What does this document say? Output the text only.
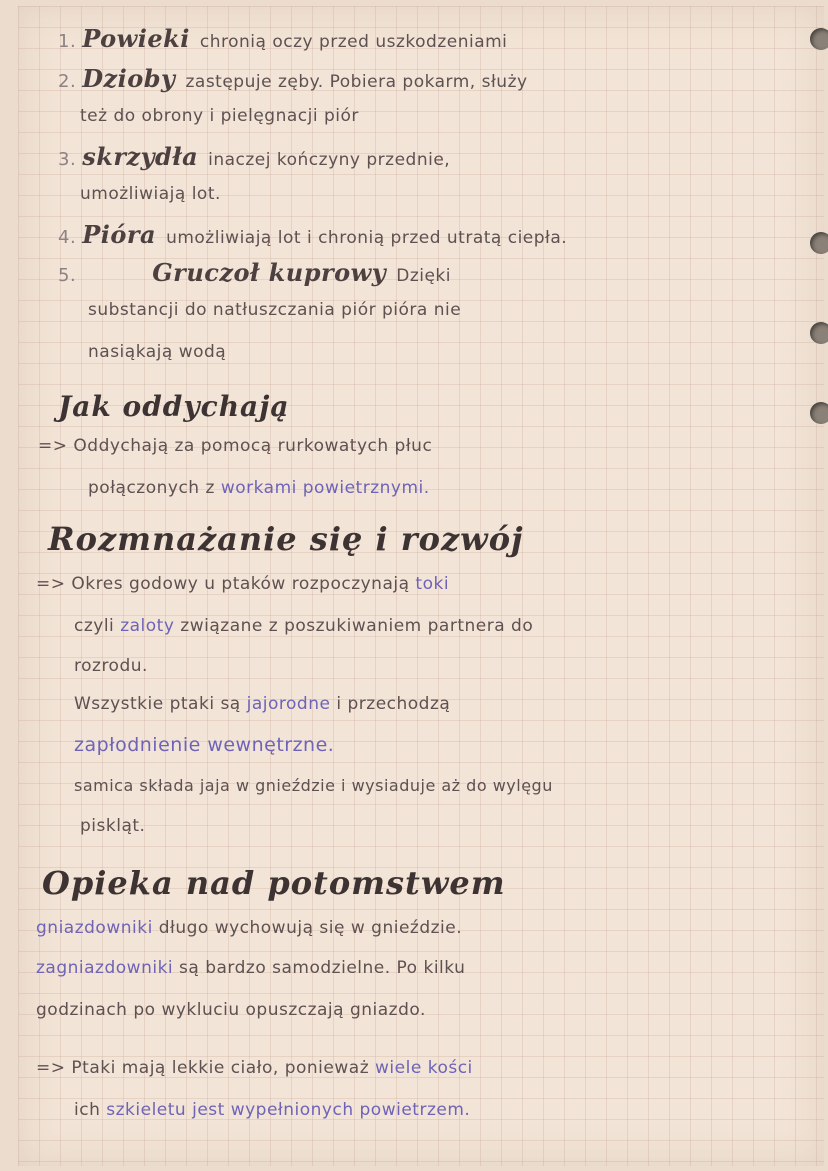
1. Powieki chronią oczy przed uszkodzeniami
2. Dzioby zastępuje zęby. Pobiera pokarm, służy
też do obrony i pielęgnacji piór
3. skrzydła inaczej kończyny przednie,
umożliwiają lot.
4. Pióra umożliwiają lot i chronią przed utratą ciepła.
5.	Gruczoł kuprowy Dzięki
substancji do natłuszczania piór pióra nie
nasiąkają wodą
Jak oddychają
=> Oddychają za pomocą rurkowatych płuc
połączonych z workami powietrznymi.
Rozmnażanie się i rozwój
=> Okres godowy u ptaków rozpoczynają toki
czyli zaloty związane z poszukiwaniem partnera do
rozrodu.
Wszystkie ptaki są jajorodne i przechodzą
zapłodnienie wewnętrzne.
samica składa jaja w gnieździe i wysiaduje aż do wylęgu
piskląt.
Opieka nad potomstwem
gniazdowniki długo wychowują się w gnieździe.
zagniazdowniki są bardzo samodzielne. Po kilku
godzinach po wykluciu opuszczają gniazdo.
=> Ptaki mają lekkie ciało, ponieważ wiele kości
ich szkieletu jest wypełnionych powietrzem.
